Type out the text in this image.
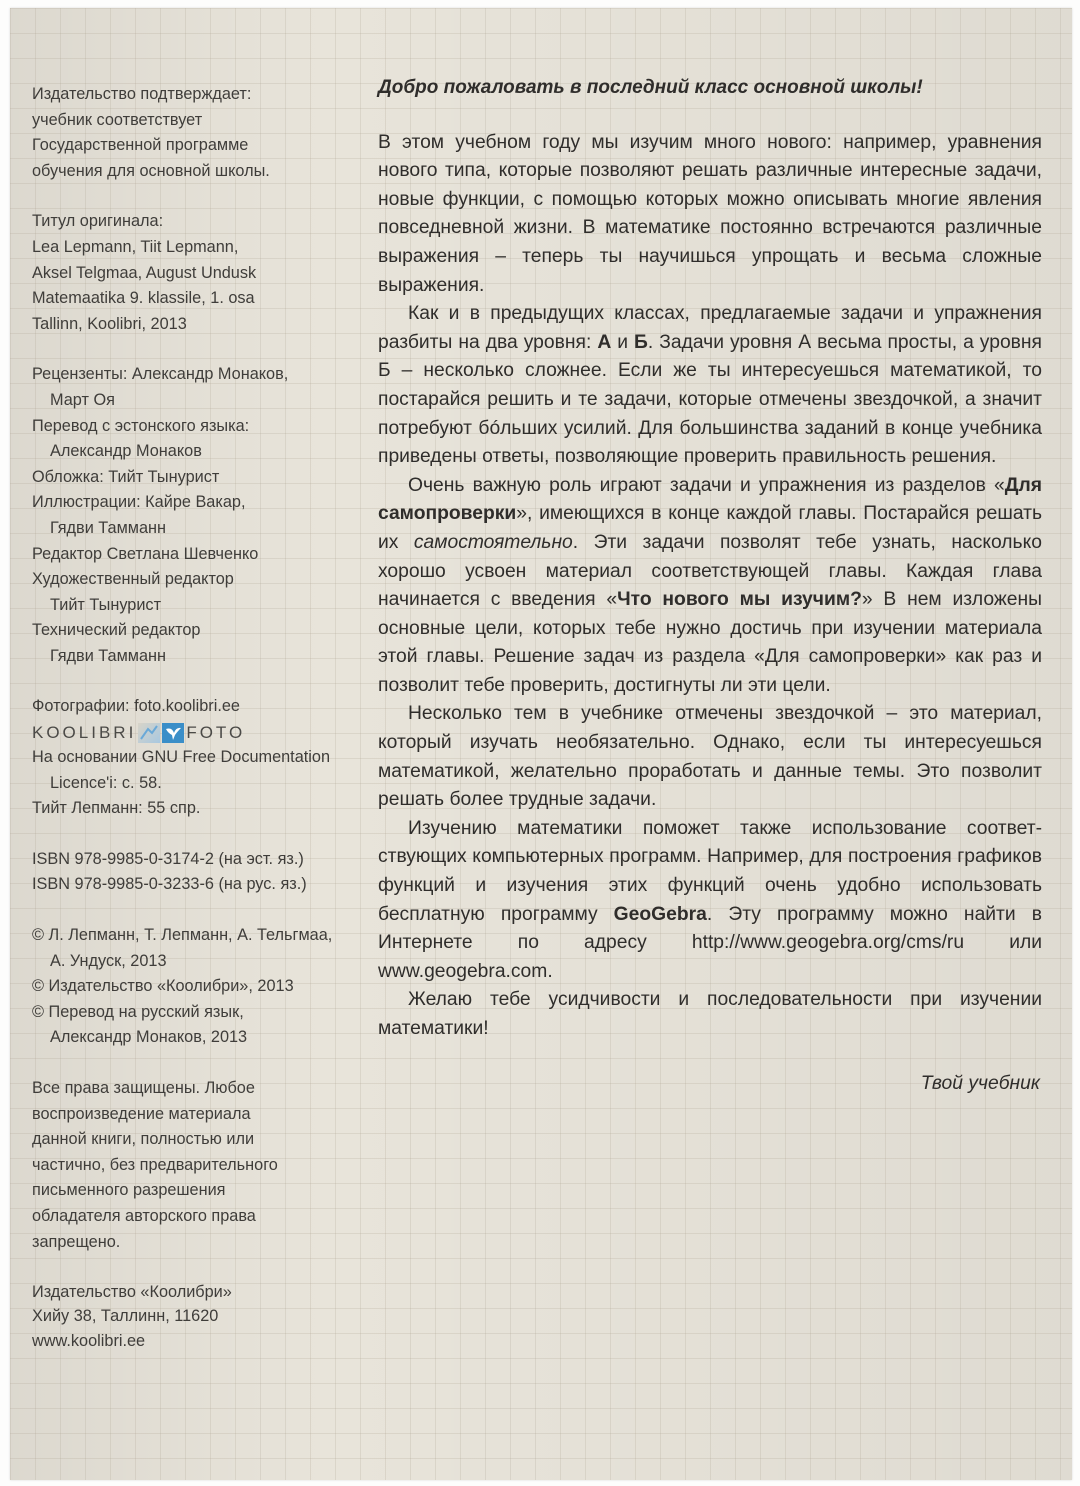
Издательство подтверждает:
учебник соответствует
Государственной программе
обучения для основной школы.
Титул оригинала:
Lea Lepmann, Tiit Lepmann,
Aksel Telgmaa, August Undusk
Matemaatika 9. klassile, 1. osa
Tallinn, Koolibri, 2013
Рецензенты: Александр Монаков,
Март Оя
Перевод с эстонского языка:
Александр Монаков
Обложка: Тийт Тынурист
Иллюстрации: Кайре Вакар,
Гядви Тамманн
Редактор Светлана Шевченко
Художественный редактор
Тийт Тынурист
Технический редактор
Гядви Тамманн
Фотографии: foto.koolibri.ee
KOOLIBRI	FOTO
На основании GNU Free Documentation
Licence'i: с. 58.
Тийт Лепманн: 55 спр.
ISBN 978-9985-0-3174-2 (на эст. яз.)
ISBN 978-9985-0-3233-6 (на рус. яз.)
© Л. Лепманн, Т. Лепманн, А. Тельгмаа,
А. Ундуск, 2013
© Издательство «Коолибри», 2013
© Перевод на русский язык,
Александр Монаков, 2013
Все права защищены. Любое
воспроизведение материала
данной книги, полностью или
частично, без предварительного
письменного разрешения
обладателя авторского права
запрещено.
Издательство «Коолибри»
Хийу 38, Таллинн, 11620
www.koolibri.ee
Добро пожаловать в последний класс основной школы!

В этом учебном году мы изучим много нового: например, уравнения нового типа, которые позволяют решать различные интересные задачи, новые функции, с помощью которых можно описывать многие явления повседневной жизни. В математике постоянно встречаются различные выражения – теперь ты научишься упрощать и весьма сложные выражения.

Как и в предыдущих классах, предлагаемые задачи и упражнения разбиты на два уровня: А и Б. Задачи уровня А весьма просты, а уровня Б – несколько сложнее. Если же ты интересуешься математикой, то постарайся решить и те задачи, которые отмечены звездочкой, а значит потребуют бóльших усилий. Для большинства заданий в конце учебника приведены ответы, позволяющие проверить правильность решения.

Очень важную роль играют задачи и упражнения из разделов «Для самопроверки», имеющихся в конце каждой главы. Постарайся решать их самостоятельно. Эти задачи позволят тебе узнать, насколько хорошо усвоен материал соответствующей главы. Каждая глава начинается с введения «Что нового мы изучим?» В нем изложены основные цели, которых тебе нужно достичь при изучении материала этой главы. Решение задач из раздела «Для самопроверки» как раз и позволит тебе проверить, достигнуты ли эти цели.

Несколько тем в учебнике отмечены звездочкой – это материал, который изучать необязательно. Однако, если ты интересуешься математикой, желательно проработать и данные темы. Это позволит решать более трудные задачи.

Изучению математики поможет также использование соответствующих компьютерных программ. Например, для построения графиков функций и изучения этих функций очень удобно использовать бесплатную программу GeoGebra. Эту программу можно найти в Интернете по адресу http://www.geogebra.org/cms/ru или www.geogebra.com.

Желаю тебе усидчивости и последовательности при изучении математики!

Твой учебник
